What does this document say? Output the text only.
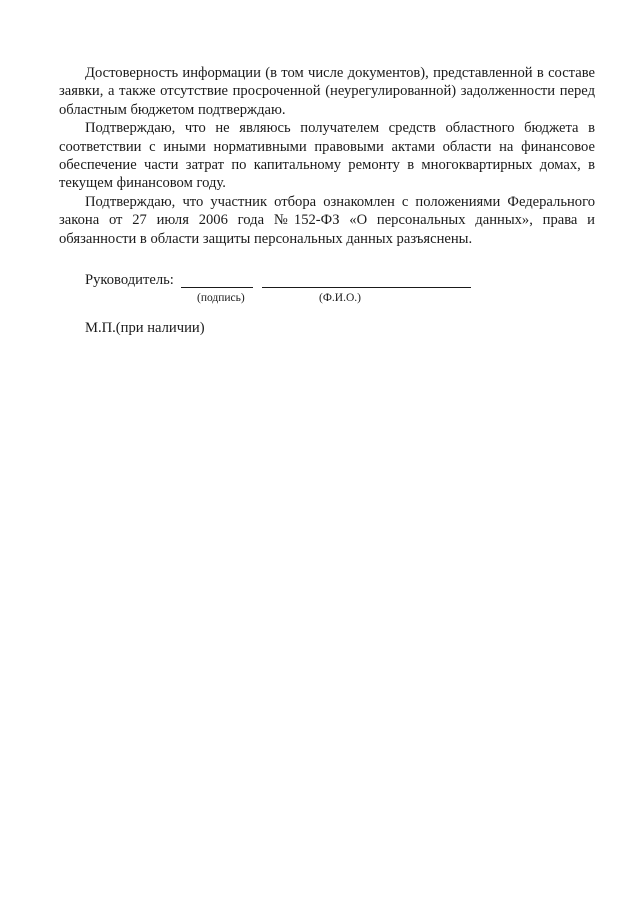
Достоверность информации (в том числе документов), представленной в составе заявки, а также отсутствие просроченной (неурегулированной) задолженности перед областным бюджетом подтверждаю.

Подтверждаю, что не являюсь получателем средств областного бюджета в соответствии с иными нормативными правовыми актами области на финансовое обеспечение части затрат по капитальному ремонту в многоквартирных домах, в текущем финансовом году.

Подтверждаю, что участник отбора ознакомлен с положениями Федерального закона от 27 июля 2006 года №152-ФЗ «О персональных данных», права и обязанности в области защиты персональных данных разъяснены.

Руководитель:
(подпись)	(Ф.И.О.)
М.П.(при наличии)
